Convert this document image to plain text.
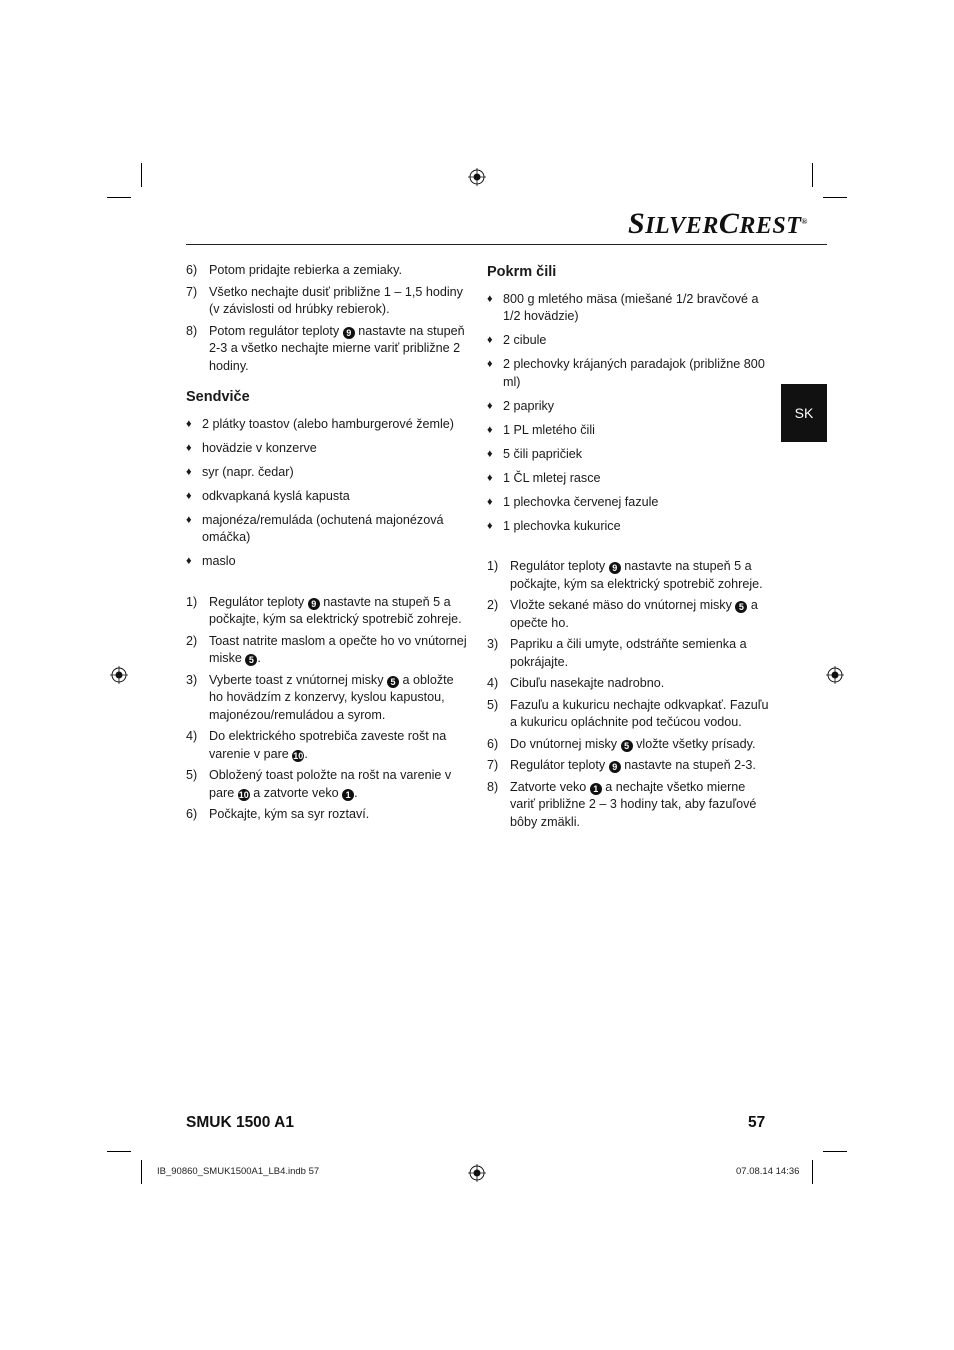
SILVERCREST®
SK
6) Potom pridajte rebierka a zemiaky.
7) Všetko nechajte dusiť približne 1 – 1,5 hodiny (v závislosti od hrúbky rebierok).
8) Potom regulátor teploty 9 nastavte na stupeň 2-3 a všetko nechajte mierne variť približne 2 hodiny.
Sendviče
♦ 2 plátky toastov (alebo hamburgerové žemle)
♦ hovädzie v konzerve
♦ syr (napr. čedar)
♦ odkvapkaná kyslá kapusta
♦ majonéza/remuláda (ochutená majonézová omáčka)
♦ maslo
1) Regulátor teploty 9 nastavte na stupeň 5 a počkajte, kým sa elektrický spotrebič zohreje.
2) Toast natrite maslom a opečte ho vo vnútornej miske 5 .
3) Vyberte toast z vnútornej misky 5 a obložte ho hovädzím z konzervy, kyslou kapustou, majonézou/remuládou a syrom.
4) Do elektrického spotrebiča zaveste rošt na varenie v pare 10.
5) Obložený toast položte na rošt na varenie v pare 10 a zatvorte veko 1 .
6) Počkajte, kým sa syr roztaví.
Pokrm čili
♦ 800 g mletého mäsa (miešané 1/2 bravčové a 1/2 hovädzie)
♦ 2 cibule
♦ 2 plechovky krájaných paradajok (približne 800 ml)
♦ 2 papriky
♦ 1 PL mletého čili
♦ 5 čili papričiek
♦ 1 ČL mletej rasce
♦ 1 plechovka červenej fazule
♦ 1 plechovka kukurice
1) Regulátor teploty 9 nastavte na stupeň 5 a počkajte, kým sa elektrický spotrebič zohreje.
2) Vložte sekané mäso do vnútornej misky 5 a opečte ho.
3) Papriku a čili umyte, odstráňte semienka a pokrájajte.
4) Cibuľu nasekajte nadrobno.
5) Fazuľu a kukuricu nechajte odkvapkať. Fazuľu a kukuricu opláchnite pod tečúcou vodou.
6) Do vnútornej misky 5 vložte všetky prísady.
7) Regulátor teploty 9 nastavte na stupeň 2-3.
8) Zatvorte veko 1 a nechajte všetko mierne variť približne 2 – 3 hodiny tak, aby fazuľové bôby zmäkli.
SMUK 1500 A1	57
IB_90860_SMUK1500A1_LB4.indb 57	07.08.14 14:36
